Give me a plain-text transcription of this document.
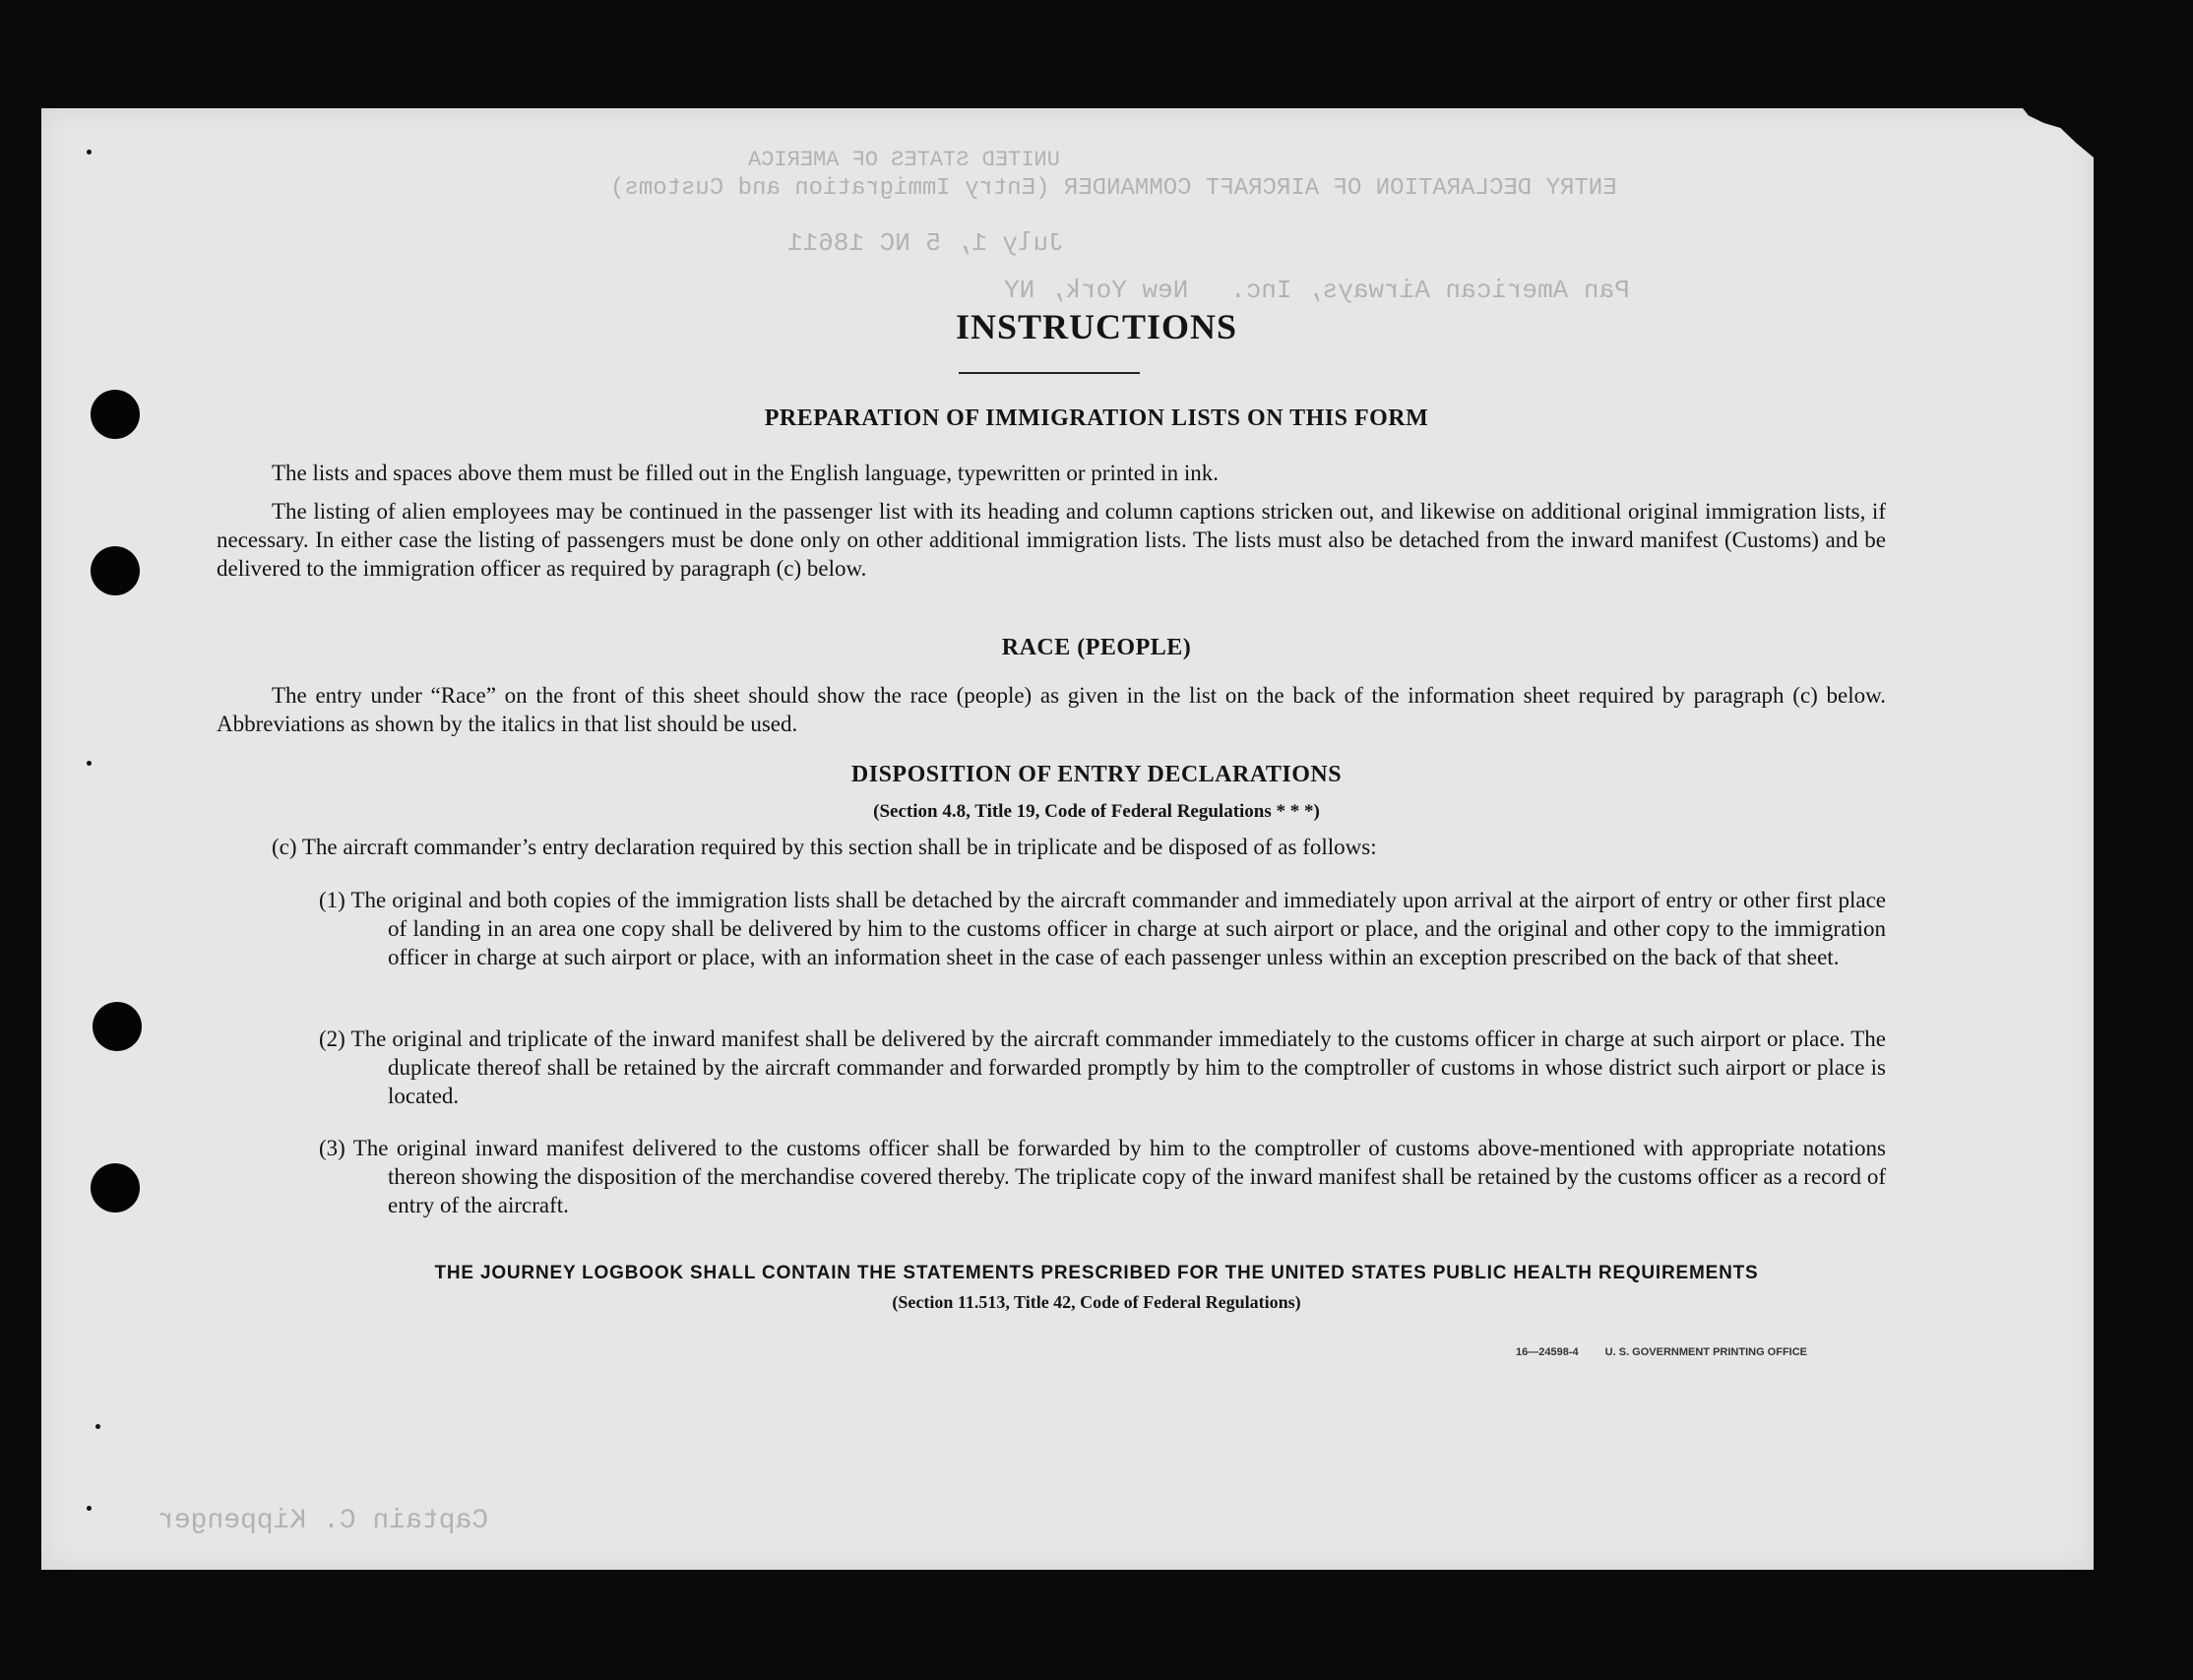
UNITED STATES OF AMERICA
ENTRY DECLARATION OF AIRCRAFT COMMANDER (Entry Immigration and Customs)
July 1, 5 NC 18611
Pan American Airways, Inc.
New York, NY
Captain C. Kippenger
INSTRUCTIONS
PREPARATION OF IMMIGRATION LISTS ON THIS FORM
The lists and spaces above them must be filled out in the English language, typewritten or printed in ink.
The listing of alien employees may be continued in the passenger list with its heading and column captions stricken out, and likewise on additional original immigration lists, if necessary. In either case the listing of passengers must be done only on other additional immigration lists. The lists must also be detached from the inward manifest (Customs) and be delivered to the immigration officer as required by paragraph (c) below.
RACE (PEOPLE)
The entry under “Race” on the front of this sheet should show the race (people) as given in the list on the back of the information sheet required by paragraph (c) below. Abbreviations as shown by the italics in that list should be used.
DISPOSITION OF ENTRY DECLARATIONS
(Section 4.8, Title 19, Code of Federal Regulations * * *)
(c) The aircraft commander’s entry declaration required by this section shall be in triplicate and be disposed of as follows:
(1) The original and both copies of the immigration lists shall be detached by the aircraft commander and immediately upon arrival at the airport of entry or other first place of landing in an area one copy shall be delivered by him to the customs officer in charge at such airport or place, and the original and other copy to the immigration officer in charge at such airport or place, with an information sheet in the case of each passenger unless within an exception prescribed on the back of that sheet.
(2) The original and triplicate of the inward manifest shall be delivered by the aircraft commander immediately to the customs officer in charge at such airport or place. The duplicate thereof shall be retained by the aircraft commander and forwarded promptly by him to the comptroller of customs in whose district such airport or place is located.
(3) The original inward manifest delivered to the customs officer shall be forwarded by him to the comptroller of customs above-mentioned with appropriate notations thereon showing the disposition of the merchandise covered thereby. The triplicate copy of the inward manifest shall be retained by the customs officer as a record of entry of the aircraft.
THE JOURNEY LOGBOOK SHALL CONTAIN THE STATEMENTS PRESCRIBED FOR THE UNITED STATES PUBLIC HEALTH REQUIREMENTS
(Section 11.513, Title 42, Code of Federal Regulations)
16—24598-4 U. S. GOVERNMENT PRINTING OFFICE
